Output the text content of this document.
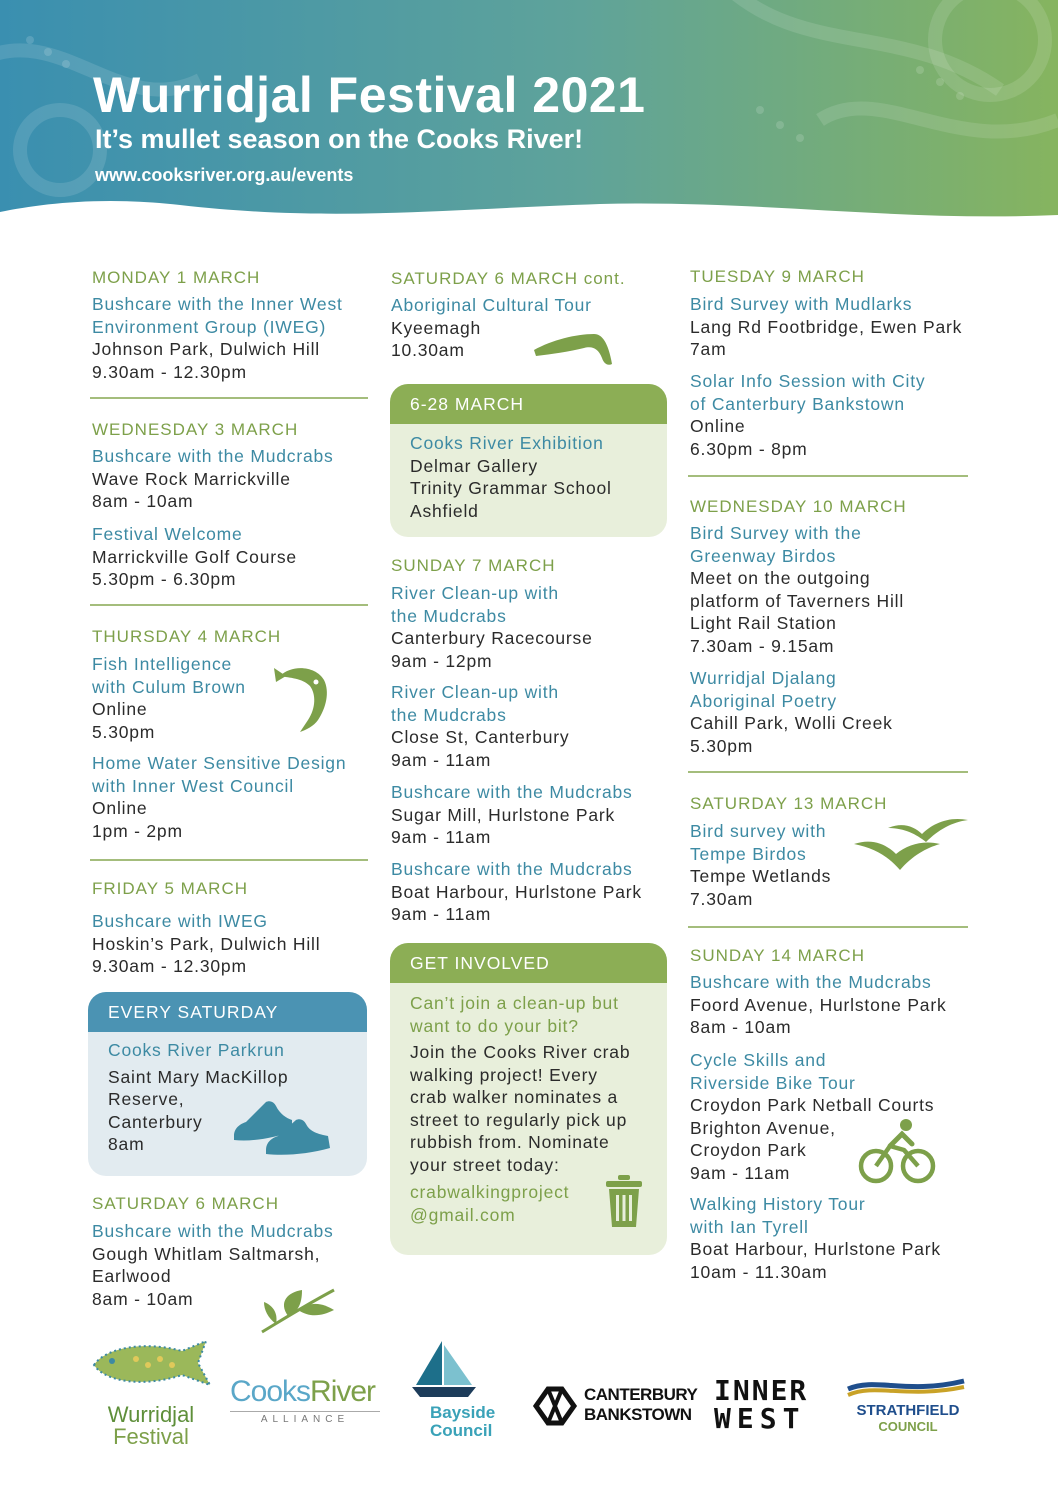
Wurridjal Festival 2021
It’s mullet season on the Cooks River!
www.cooksriver.org.au/events
MONDAY 1 MARCH
Bushcare with the Inner West
Environment Group (IWEG)
Johnson Park, Dulwich Hill
9.30am - 12.30pm
WEDNESDAY 3 MARCH
Bushcare with the Mudcrabs
Wave Rock Marrickville
8am - 10am
Festival Welcome
Marrickville Golf Course
5.30pm - 6.30pm
THURSDAY 4 MARCH
Fish Intelligence
with Culum Brown
Online
5.30pm
Home Water Sensitive Design
with Inner West Council
Online
1pm - 2pm
FRIDAY 5 MARCH
Bushcare with IWEG
Hoskin’s Park, Dulwich Hill
9.30am - 12.30pm
EVERY SATURDAY
Cooks River Parkrun
Saint Mary MacKillop
Reserve,
Canterbury
8am
SATURDAY 6 MARCH
Bushcare with the Mudcrabs
Gough Whitlam Saltmarsh,
Earlwood
8am - 10am
SATURDAY 6 MARCH cont.
Aboriginal Cultural Tour
Kyeemagh
10.30am
6-28 MARCH
Cooks River Exhibition
Delmar Gallery
Trinity Grammar School
Ashfield
SUNDAY 7 MARCH
River Clean-up with
the Mudcrabs
Canterbury Racecourse
9am - 12pm
River Clean-up with
the Mudcrabs
Close St, Canterbury
9am - 11am
Bushcare with the Mudcrabs
Sugar Mill, Hurlstone Park
9am - 11am
Bushcare with the Mudcrabs
Boat Harbour, Hurlstone Park
9am - 11am
GET INVOLVED
Can’t join a clean-up but
want to do your bit?
Join the Cooks River crab
walking project! Every
crab walker nominates a
street to regularly pick up
rubbish from. Nominate
your street today:
crabwalkingproject
@gmail.com
TUESDAY 9 MARCH
Bird Survey with Mudlarks
Lang Rd Footbridge, Ewen Park
7am
Solar Info Session with City
of Canterbury Bankstown
Online
6.30pm - 8pm
WEDNESDAY 10 MARCH
Bird Survey with the
Greenway Birdos
Meet on the outgoing
platform of Taverners Hill
Light Rail Station
7.30am - 9.15am
Wurridjal Djalang
Aboriginal Poetry
Cahill Park, Wolli Creek
5.30pm
SATURDAY 13 MARCH
Bird survey with
Tempe Birdos
Tempe Wetlands
7.30am
SUNDAY 14 MARCH
Bushcare with the Mudcrabs
Foord Avenue, Hurlstone Park
8am - 10am
Cycle Skills and
Riverside Bike Tour
Croydon Park Netball Courts
Brighton Avenue,
Croydon Park
9am - 11am
Walking History Tour
with Ian Tyrell
Boat Harbour, Hurlstone Park
10am - 11.30am
Wurridjal
Festival
CooksRiver
ALLIANCE	Bayside
Council
CANTERBURY
BANKSTOWN
INNER
WEST	STRATHFIELD
COUNCIL
